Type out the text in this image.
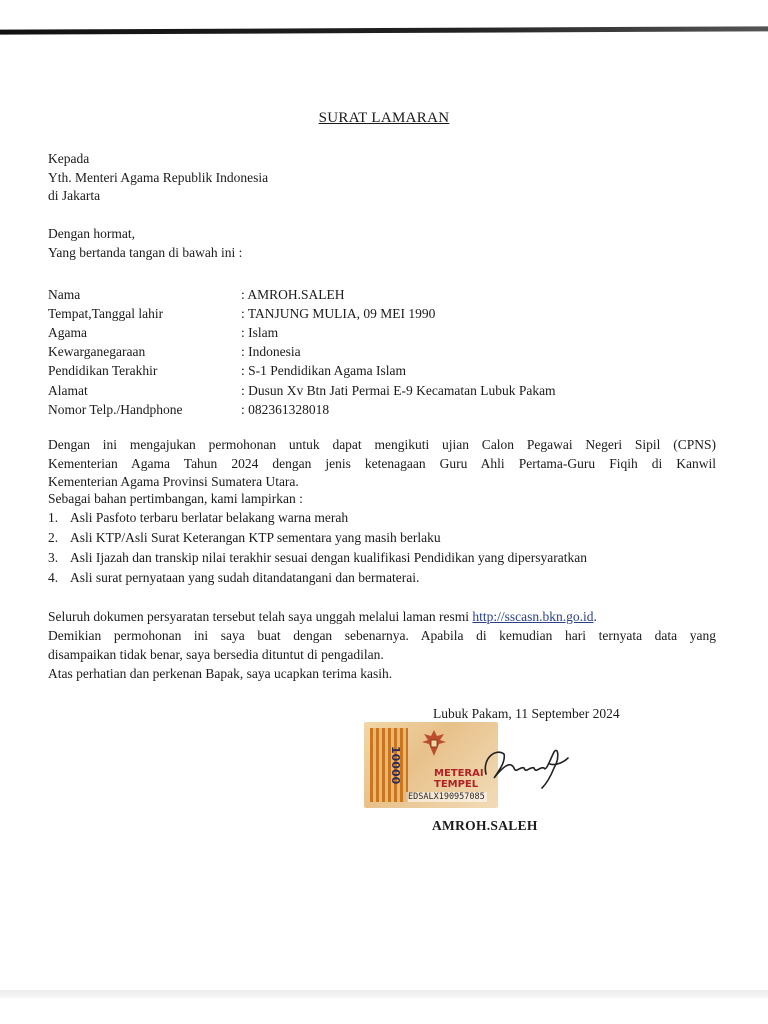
SURAT LAMARAN
Kepada
Yth. Menteri Agama Republik Indonesia
di Jakarta
Dengan hormat,
Yang bertanda tangan di bawah ini :
Nama	: AMROH.SALEH
Tempat,Tanggal lahir	: TANJUNG MULIA, 09 MEI 1990
Agama	: Islam
Kewarganegaraan	: Indonesia
Pendidikan Terakhir	: S-1 Pendidikan Agama Islam
Alamat	: Dusun Xv Btn Jati Permai E-9 Kecamatan Lubuk Pakam
Nomor Telp./Handphone	: 082361328018
Dengan ini mengajukan permohonan untuk dapat mengikuti ujian Calon Pegawai Negeri Sipil (CPNS)
Kementerian Agama Tahun 2024 dengan jenis ketenagaan Guru Ahli Pertama-Guru Fiqih di Kanwil
Kementerian Agama Provinsi Sumatera Utara.
Sebagai bahan pertimbangan, kami lampirkan :
1. Asli Pasfoto terbaru berlatar belakang warna merah
2. Asli KTP/Asli Surat Keterangan KTP sementara yang masih berlaku
3. Asli Ijazah dan transkip nilai terakhir sesuai dengan kualifikasi Pendidikan yang dipersyaratkan
4. Asli surat pernyataan yang sudah ditandatangani dan bermaterai.
Seluruh dokumen persyaratan tersebut telah saya unggah melalui laman resmi http://sscasn.bkn.go.id.
Demikian permohonan ini saya buat dengan sebenarnya. Apabila di kemudian hari ternyata data yang
disampaikan tidak benar, saya bersedia dituntut di pengadilan.
Atas perhatian dan perkenan Bapak, saya ucapkan terima kasih.
Lubuk Pakam, 11 September 2024
10000	METERAI
TEMPEL
EDSALX190957085
AMROH.SALEH
